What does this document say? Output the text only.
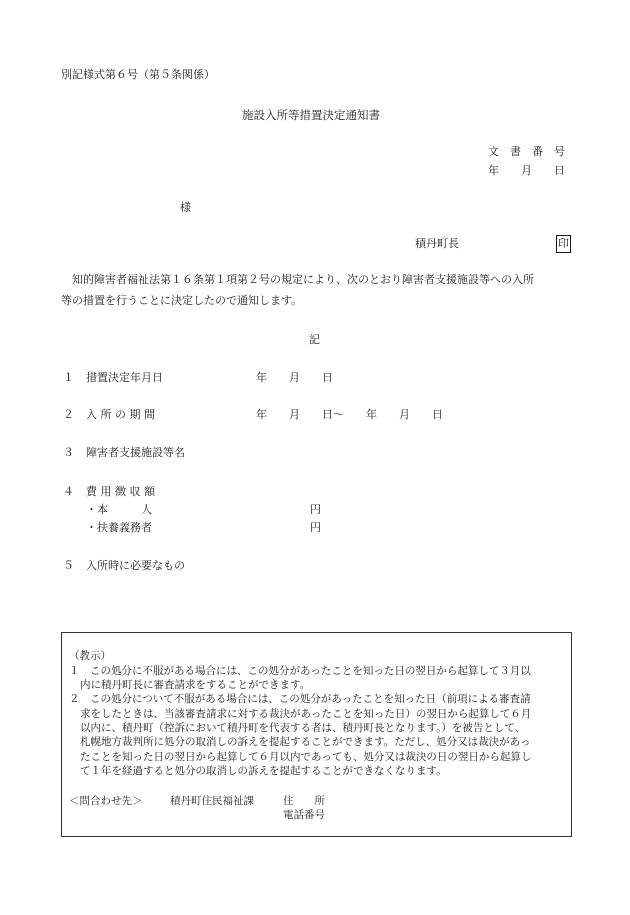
別記様式第６号（第５条関係）
施設入所等措置決定通知書
文　書　番　号
年　　月　　日
様
積丹町長	印
知的障害者福祉法第１６条第１項第２号の規定により、次のとおり障害者支援施設等への入所
等の措置を行うことに決定したので通知します。
記
１ 措置決定年月日	年　　月　　日
２ 入 所 の 期 間	年　　月　　日～　　年　　月　　日
３ 障害者支援施設等名
４ 費 用 徴 収 額
・本　　　人	円
・扶養義務者	円
５ 入所時に必要なもの
（教示）
１　この処分に不服がある場合には、この処分があったことを知った日の翌日から起算して３月以
内に積丹町長に審査請求をすることができます。
２　この処分について不服がある場合には、この処分があったことを知った日（前項による審査請
求をしたときは、当該審査請求に対する裁決があったことを知った日）の翌日から起算して６月
以内に、積丹町（控訴において積丹町を代表する者は、積丹町長となります。）を被告として、
札幌地方裁判所に処分の取消しの訴えを提起することができます。ただし、処分又は裁決があっ
たことを知った日の翌日から起算して６月以内であっても、処分又は裁決の日の翌日から起算し
て１年を経過すると処分の取消しの訴えを提起することができなくなります。
＜問合わせ先＞	積丹町住民福祉課	住　　所
電話番号
